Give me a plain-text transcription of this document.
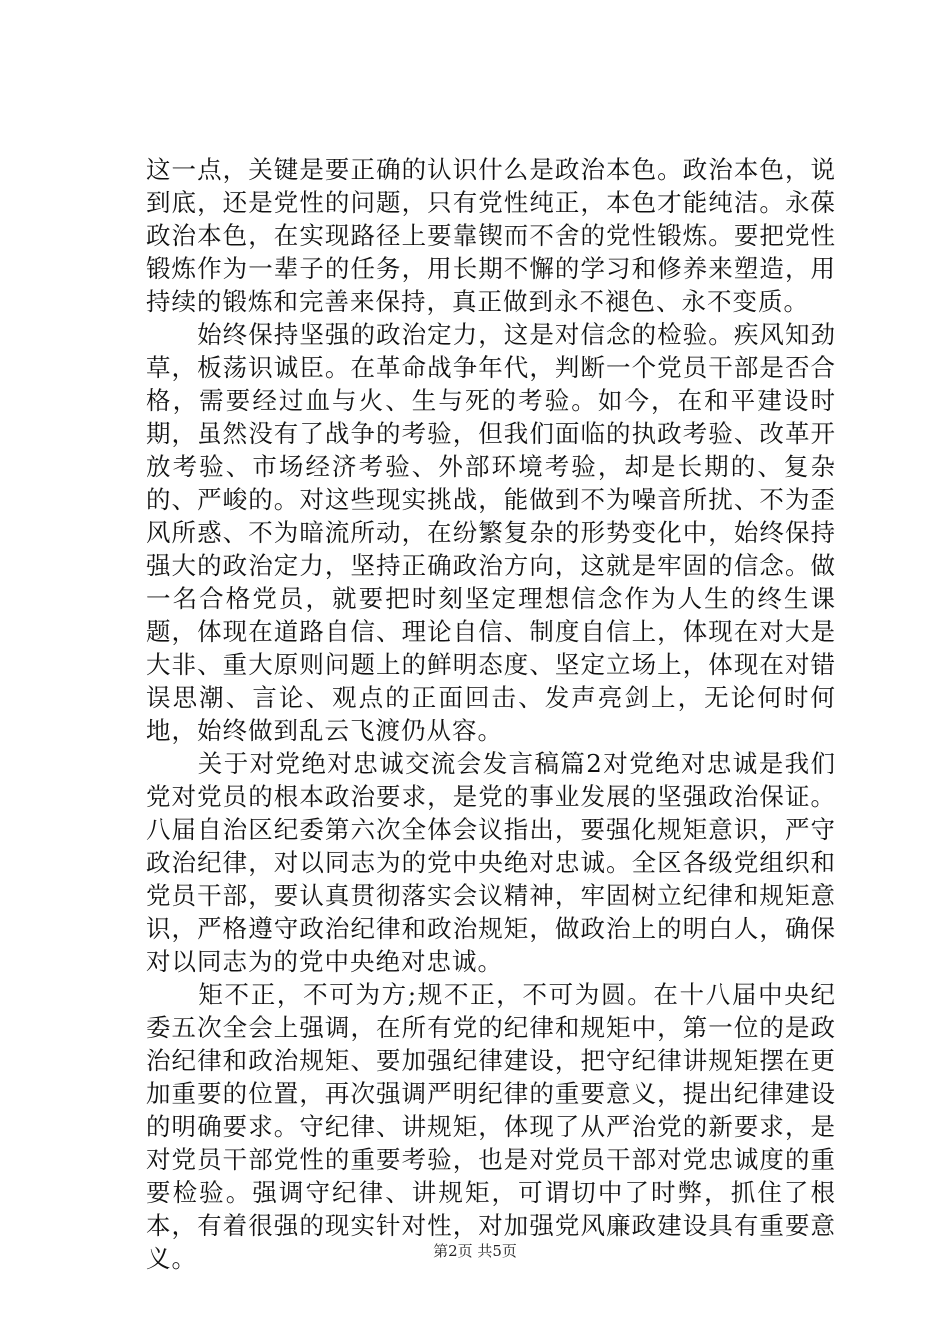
这一点，关键是要正确的认识什么是政治本色。政治本色，说到底，还是党性的问题，只有党性纯正，本色才能纯洁。永葆政治本色，在实现路径上要靠锲而不舍的党性锻炼。要把党性锻炼作为一辈子的任务，用长期不懈的学习和修养来塑造，用持续的锻炼和完善来保持，真正做到永不褪色、永不变质。

　　始终保持坚强的政治定力，这是对信念的检验。疾风知劲草，板荡识诚臣。在革命战争年代，判断一个党员干部是否合格，需要经过血与火、生与死的考验。如今，在和平建设时期，虽然没有了战争的考验，但我们面临的执政考验、改革开放考验、市场经济考验、外部环境考验，却是长期的、复杂的、严峻的。对这些现实挑战，能做到不为噪音所扰、不为歪风所惑、不为暗流所动，在纷繁复杂的形势变化中，始终保持强大的政治定力，坚持正确政治方向，这就是牢固的信念。做一名合格党员，就要把时刻坚定理想信念作为人生的终生课题，体现在道路自信、理论自信、制度自信上，体现在对大是大非、重大原则问题上的鲜明态度、坚定立场上，体现在对错误思潮、言论、观点的正面回击、发声亮剑上，无论何时何地，始终做到乱云飞渡仍从容。

　　关于对党绝对忠诚交流会发言稿篇2对党绝对忠诚是我们党对党员的根本政治要求，是党的事业发展的坚强政治保证。八届自治区纪委第六次全体会议指出，要强化规矩意识，严守政治纪律，对以同志为的党中央绝对忠诚。全区各级党组织和党员干部，要认真贯彻落实会议精神，牢固树立纪律和规矩意识，严格遵守政治纪律和政治规矩，做政治上的明白人，确保对以同志为的党中央绝对忠诚。

　　矩不正，不可为方;规不正，不可为圆。在十八届中央纪委五次全会上强调，在所有党的纪律和规矩中，第一位的是政治纪律和政治规矩、要加强纪律建设，把守纪律讲规矩摆在更加重要的位置，再次强调严明纪律的重要意义，提出纪律建设的明确要求。守纪律、讲规矩，体现了从严治党的新要求，是对党员干部党性的重要考验，也是对党员干部对党忠诚度的重要检验。强调守纪律、讲规矩，可谓切中了时弊，抓住了根本，有着很强的现实针对性，对加强党风廉政建设具有重要意义。	第2页 共5页
